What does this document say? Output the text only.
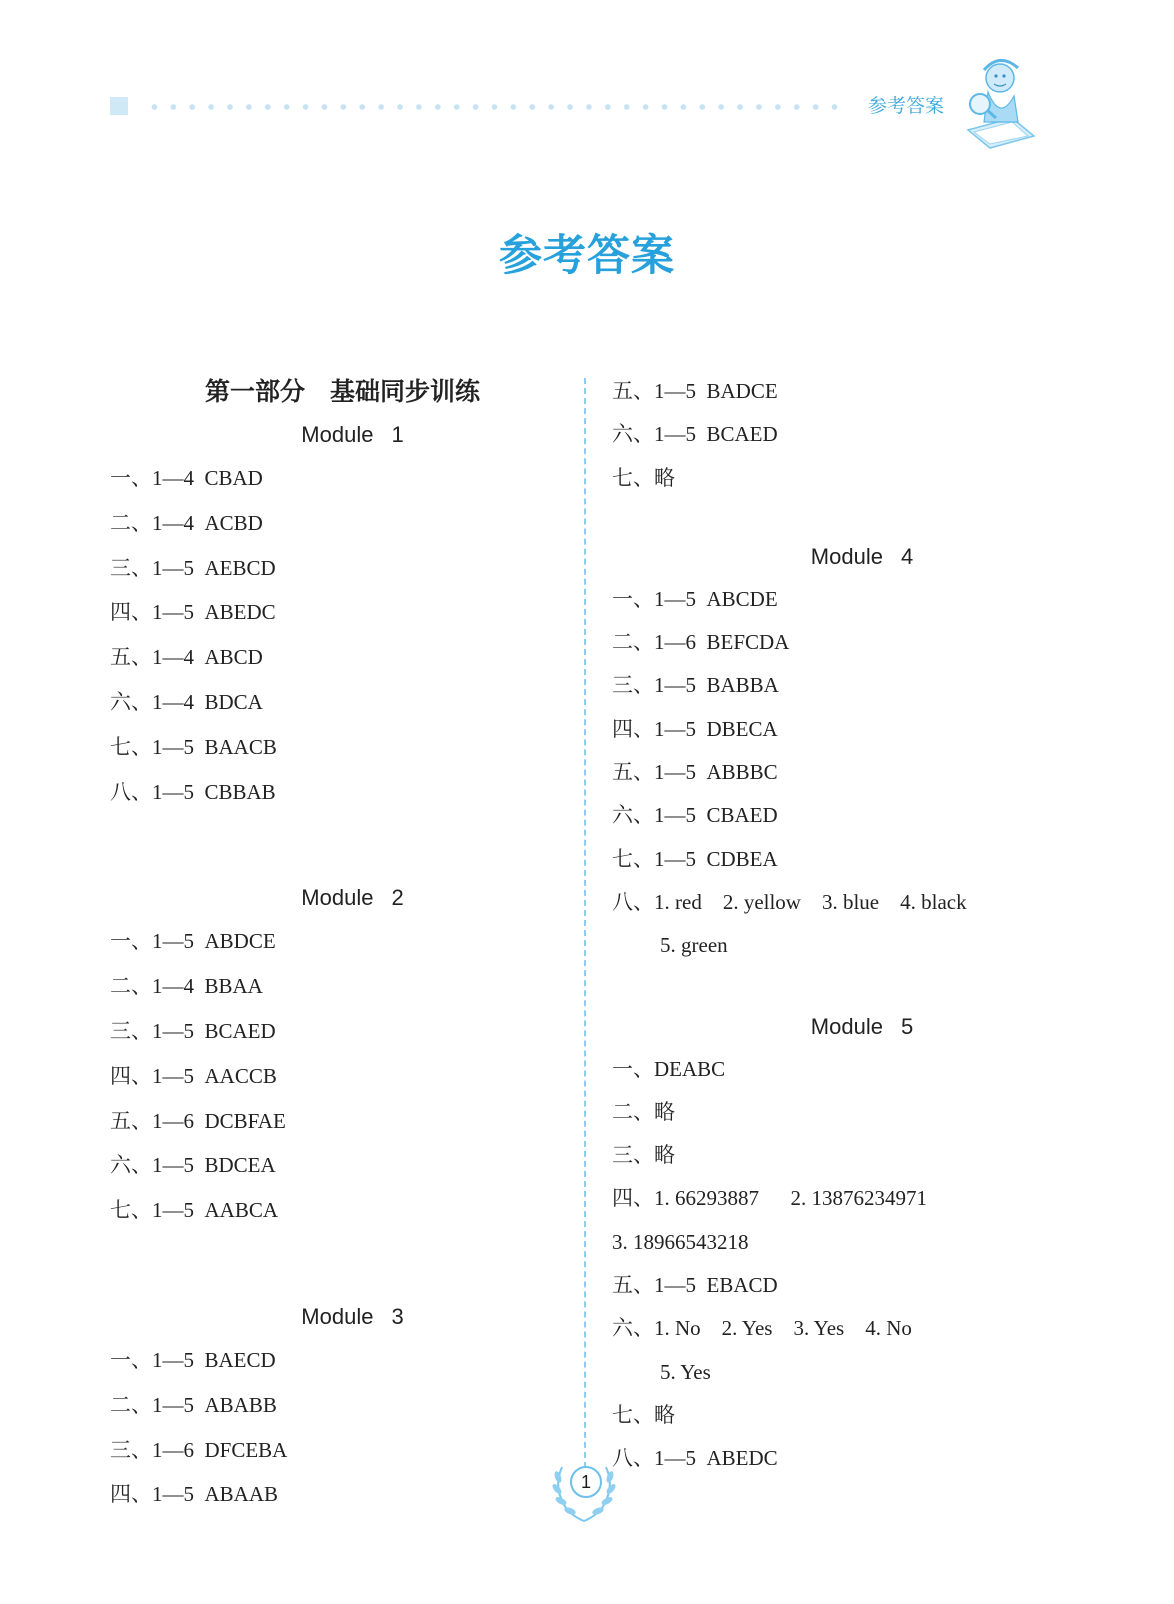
参考答案
参考答案
第一部分　基础同步训练
Module 1
一、1—4  CBAD
二、1—4  ACBD
三、1—5  AEBCD
四、1—5  ABEDC
五、1—4  ABCD
六、1—4  BDCA
七、1—5  BAACB
八、1—5  CBBAB
Module 2
一、1—5  ABDCE
二、1—4  BBAA
三、1—5  BCAED
四、1—5  AACCB
五、1—6  DCBFAE
六、1—5  BDCEA
七、1—5  AABCA
Module 3
一、1—5  BAECD
二、1—5  ABABB
三、1—6  DFCEBA
四、1—5  ABAAB
五、1—5  BADCE
六、1—5  BCAED
七、略
Module 4
一、1—5  ABCDE
二、1—6  BEFCDA
三、1—5  BABBA
四、1—5  DBECA
五、1—5  ABBBC
六、1—5  CBAED
七、1—5  CDBEA
八、1. red    2. yellow    3. blue    4. black
5. green
Module 5
一、DEABC
二、略
三、略
四、1. 66293887      2. 13876234971
3. 18966543218
五、1—5  EBACD
六、1. No    2. Yes    3. Yes    4. No
5. Yes
七、略
八、1—5  ABEDC
1
